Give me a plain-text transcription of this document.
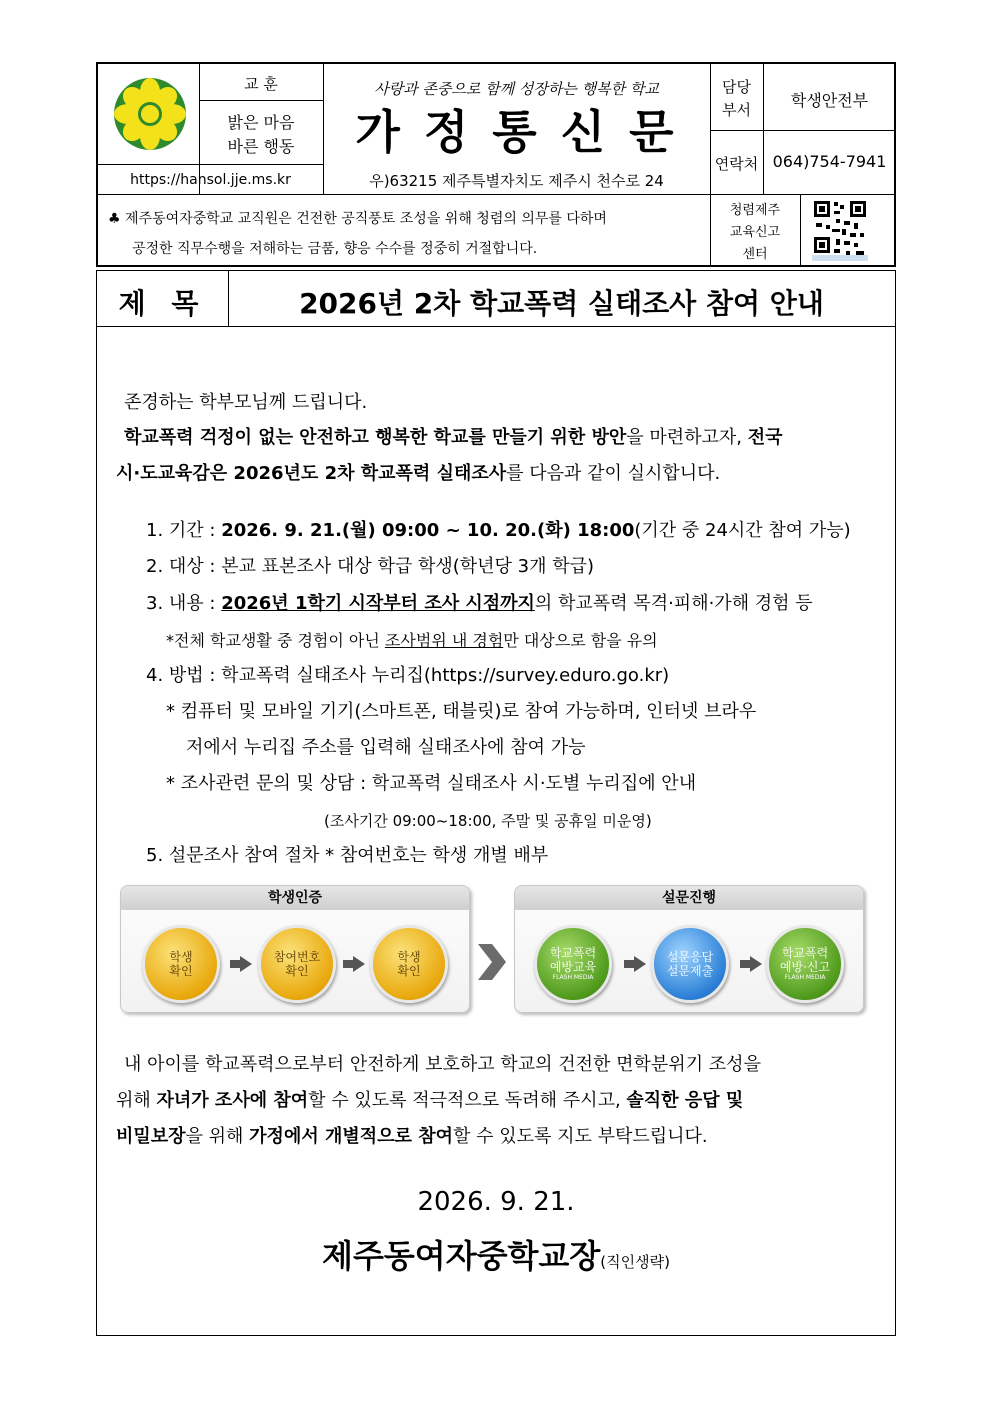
교 훈
밝은 마음
바른 행동
https://hansol.jje.ms.kr
사랑과 존중으로 함께 성장하는 행복한 학교
가 정 통 신 문
우)63215 제주특별자치도 제주시 천수로 24
담당
부서	학생안전부
연락처 064)754-7941
♣ 제주동여자중학교 교직원은 건전한 공직풍토 조성을 위해 청렴의 의무를 다하며
공정한 직무수행을 저해하는 금품, 향응 수수를 정중히 거절합니다.
청렴제주
교육신고
센터
제 목	2026년 2차 학교폭력 실태조사 참여 안내
존경하는 학부모님께 드립니다.
학교폭력 걱정이 없는 안전하고 행복한 학교를 만들기 위한 방안을 마련하고자, 전국
시·도교육감은 2026년도 2차 학교폭력 실태조사를 다음과 같이 실시합니다.
1. 기간 : 2026. 9. 21.(월) 09:00 ~ 10. 20.(화) 18:00(기간 중 24시간 참여 가능)
2. 대상 : 본교 표본조사 대상 학급 학생(학년당 3개 학급)
3. 내용 : 2026년 1학기 시작부터 조사 시점까지의 학교폭력 목격·피해·가해 경험 등
*전체 학교생활 중 경험이 아닌 조사범위 내 경험만 대상으로 함을 유의
4. 방법 : 학교폭력 실태조사 누리집(https://survey.eduro.go.kr)
* 컴퓨터 및 모바일 기기(스마트폰, 태블릿)로 참여 가능하며, 인터넷 브라우
저에서 누리집 주소를 입력해 실태조사에 참여 가능
* 조사관련 문의 및 상담 : 학교폭력 실태조사 시·도별 누리집에 안내
(조사기간 09:00~18:00, 주말 및 공휴일 미운영)
5. 설문조사 참여 절차 * 참여번호는 학생 개별 배부
학생인증	설문진행
학생
확인
참여번호
확인
학생
확인
학교폭력
예방교육
FLASH MEDIA
설문응답
설문제출
학교폭력
예방·신고
FLASH MEDIA
내 아이를 학교폭력으로부터 안전하게 보호하고 학교의 건전한 면학분위기 조성을
위해 자녀가 조사에 참여할 수 있도록 적극적으로 독려해 주시고, 솔직한 응답 및
비밀보장을 위해 가정에서 개별적으로 참여할 수 있도록 지도 부탁드립니다.
2026. 9. 21.
제주동여자중학교장(직인생략)
